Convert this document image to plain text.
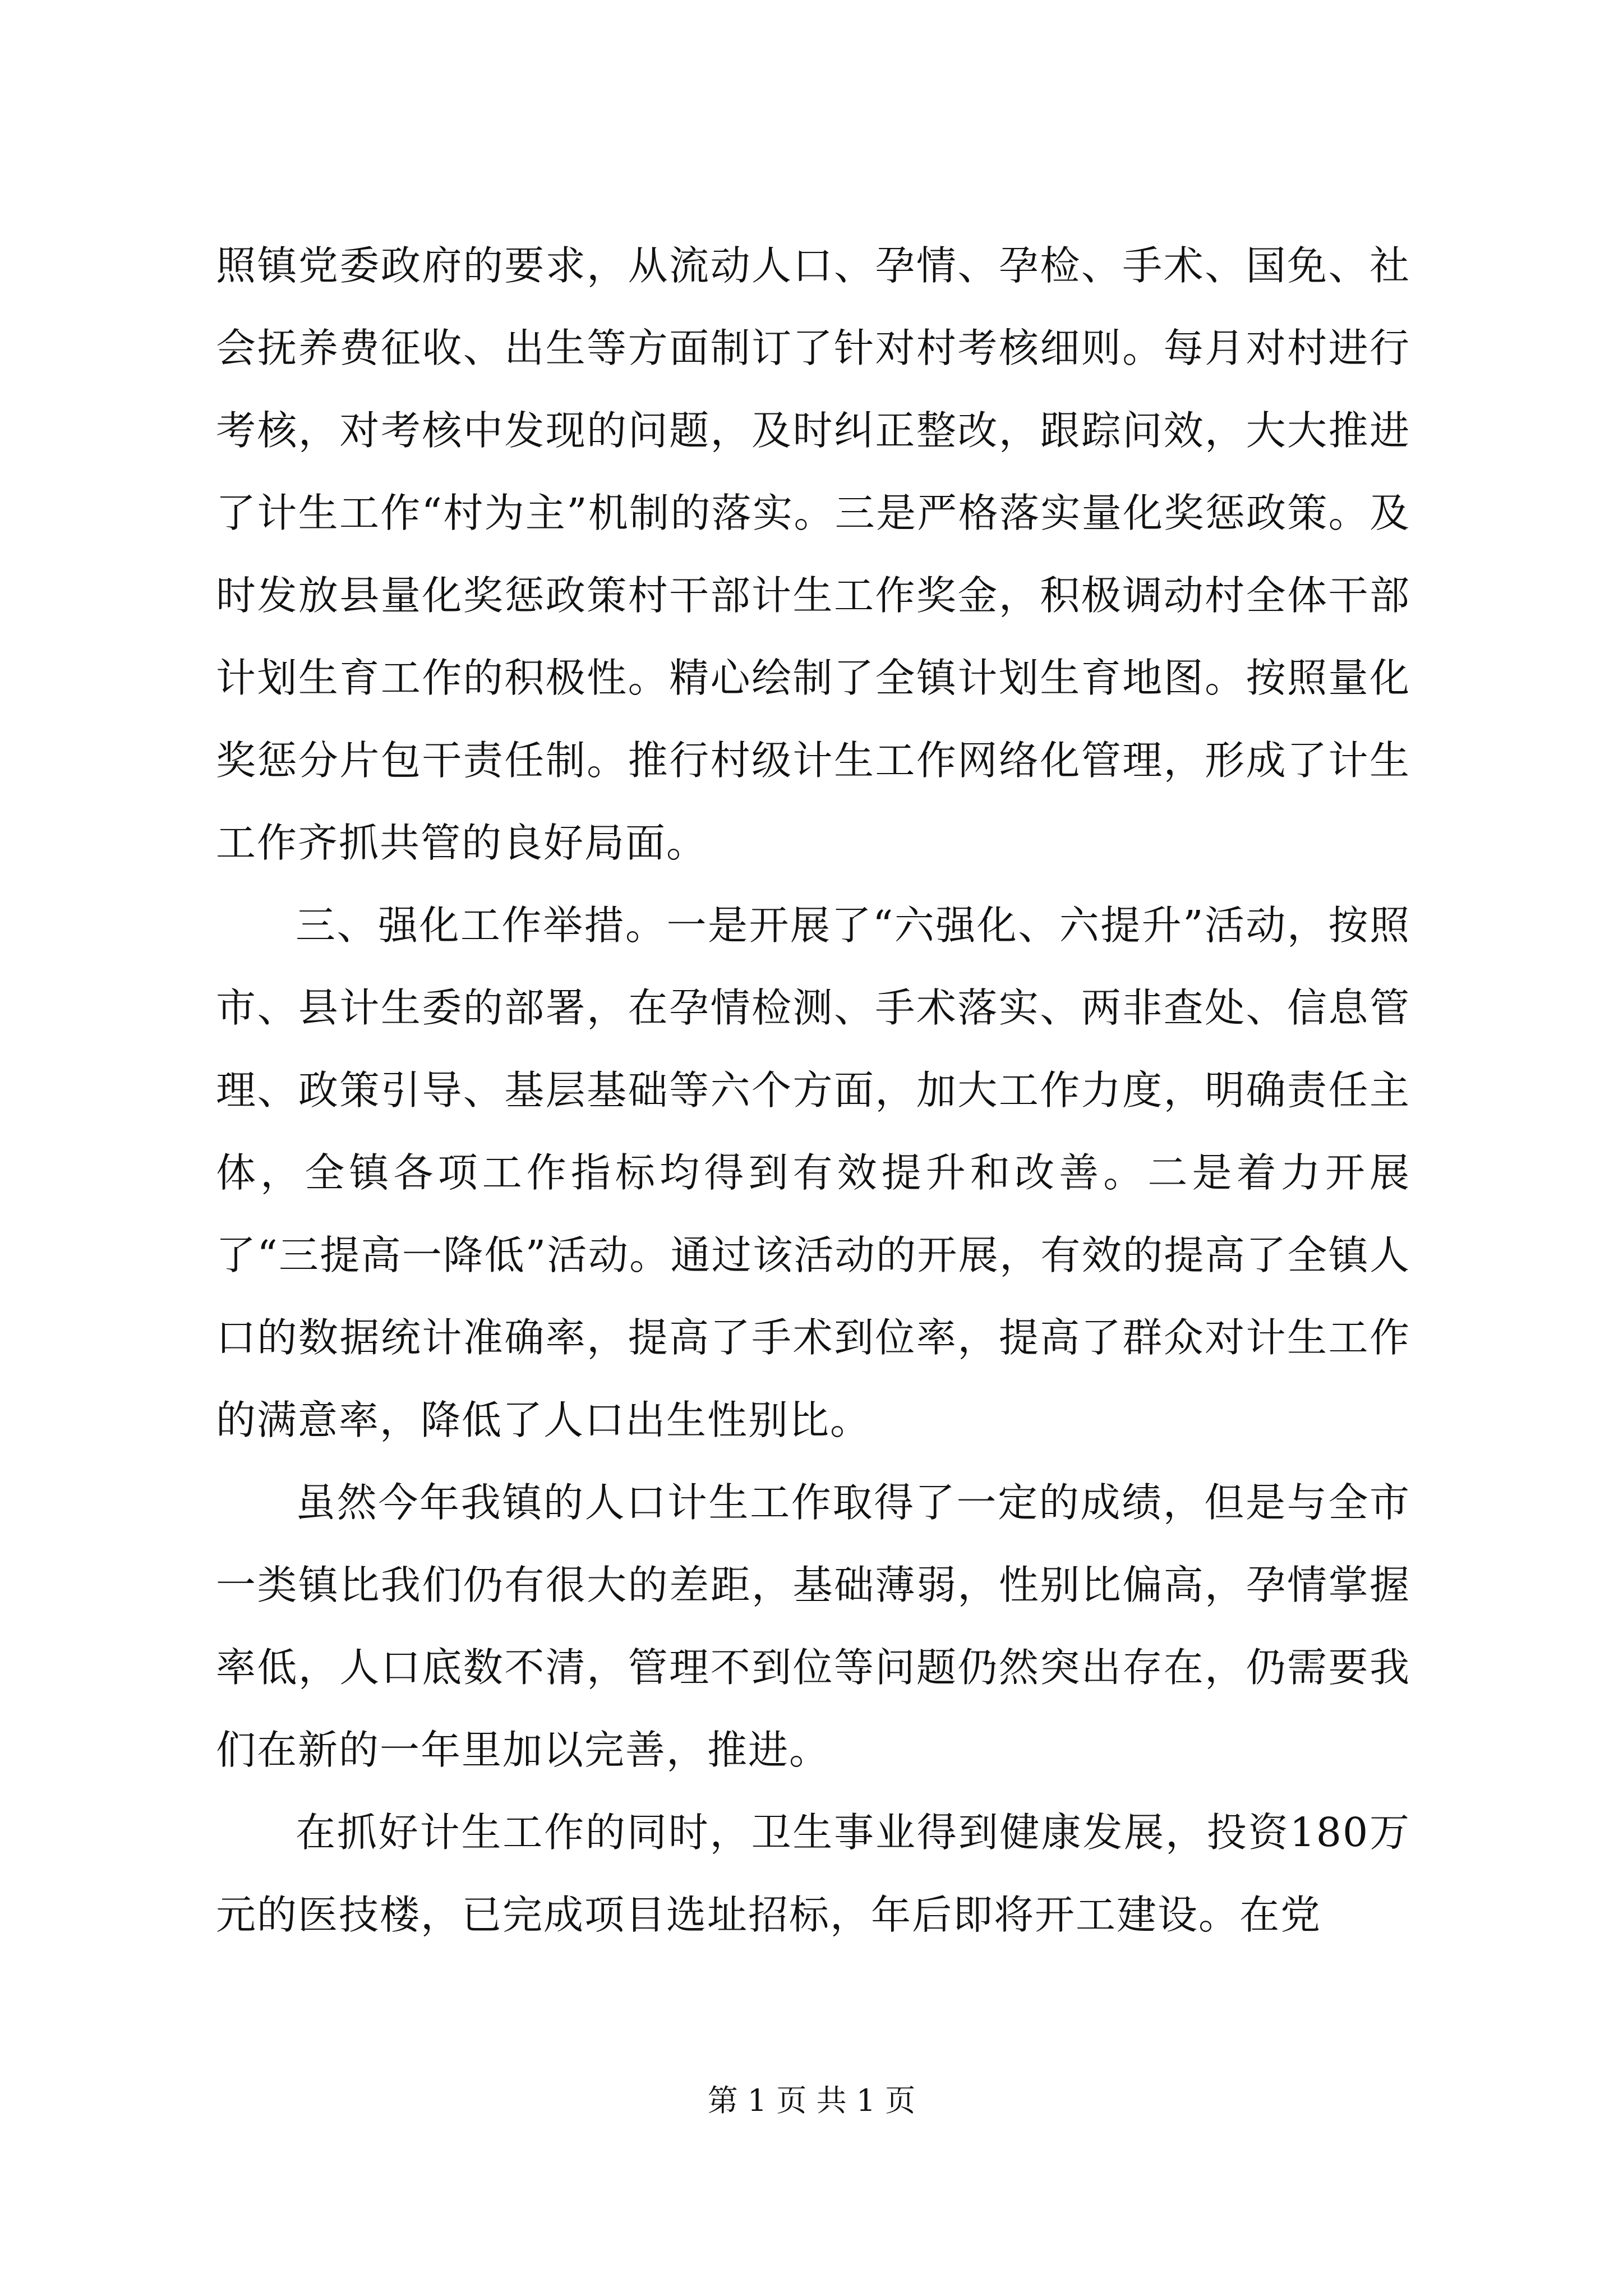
照镇党委政府的要求，从流动人口、孕情、孕检、手术、国免、社会抚养费征收、出生等方面制订了针对村考核细则。每月对村进行考核，对考核中发现的问题，及时纠正整改，跟踪问效，大大推进了计生工作“村为主”机制的落实。三是严格落实量化奖惩政策。及时发放县量化奖惩政策村干部计生工作奖金，积极调动村全体干部计划生育工作的积极性。精心绘制了全镇计划生育地图。按照量化奖惩分片包干责任制。推行村级计生工作网络化管理，形成了计生工作齐抓共管的良好局面。

三、强化工作举措。一是开展了“六强化、六提升”活动，按照市、县计生委的部署，在孕情检测、手术落实、两非查处、信息管理、政策引导、基层基础等六个方面，加大工作力度，明确责任主体，全镇各项工作指标均得到有效提升和改善。二是着力开展了“三提高一降低”活动。通过该活动的开展，有效的提高了全镇人口的数据统计准确率，提高了手术到位率，提高了群众对计生工作的满意率，降低了人口出生性别比。

虽然今年我镇的人口计生工作取得了一定的成绩，但是与全市一类镇比我们仍有很大的差距，基础薄弱，性别比偏高，孕情掌握率低，人口底数不清，管理不到位等问题仍然突出存在，仍需要我们在新的一年里加以完善，推进。

在抓好计生工作的同时，卫生事业得到健康发展，投资180万元的医技楼，已完成项目选址招标，年后即将开工建设。在党

第 1 页 共 1 页
